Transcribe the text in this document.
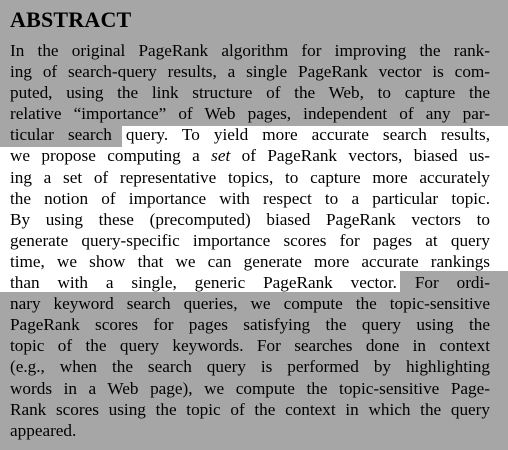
ABSTRACT
In the original PageRank algorithm for improving the rank-
ing of search-query results, a single PageRank vector is com-
puted, using the link structure of the Web, to capture the
relative “importance” of Web pages, independent of any par-
ticular search query. To yield more accurate search results,
we propose computing a set of PageRank vectors, biased us-
ing a set of representative topics, to capture more accurately
the notion of importance with respect to a particular topic.
By using these (precomputed) biased PageRank vectors to
generate query-specific importance scores for pages at query
time, we show that we can generate more accurate rankings
than with a single, generic PageRank vector. For ordi-
nary keyword search queries, we compute the topic-sensitive
PageRank scores for pages satisfying the query using the
topic of the query keywords. For searches done in context
(e.g., when the search query is performed by highlighting
words in a Web page), we compute the topic-sensitive Page-
Rank scores using the topic of the context in which the query
appeared.
